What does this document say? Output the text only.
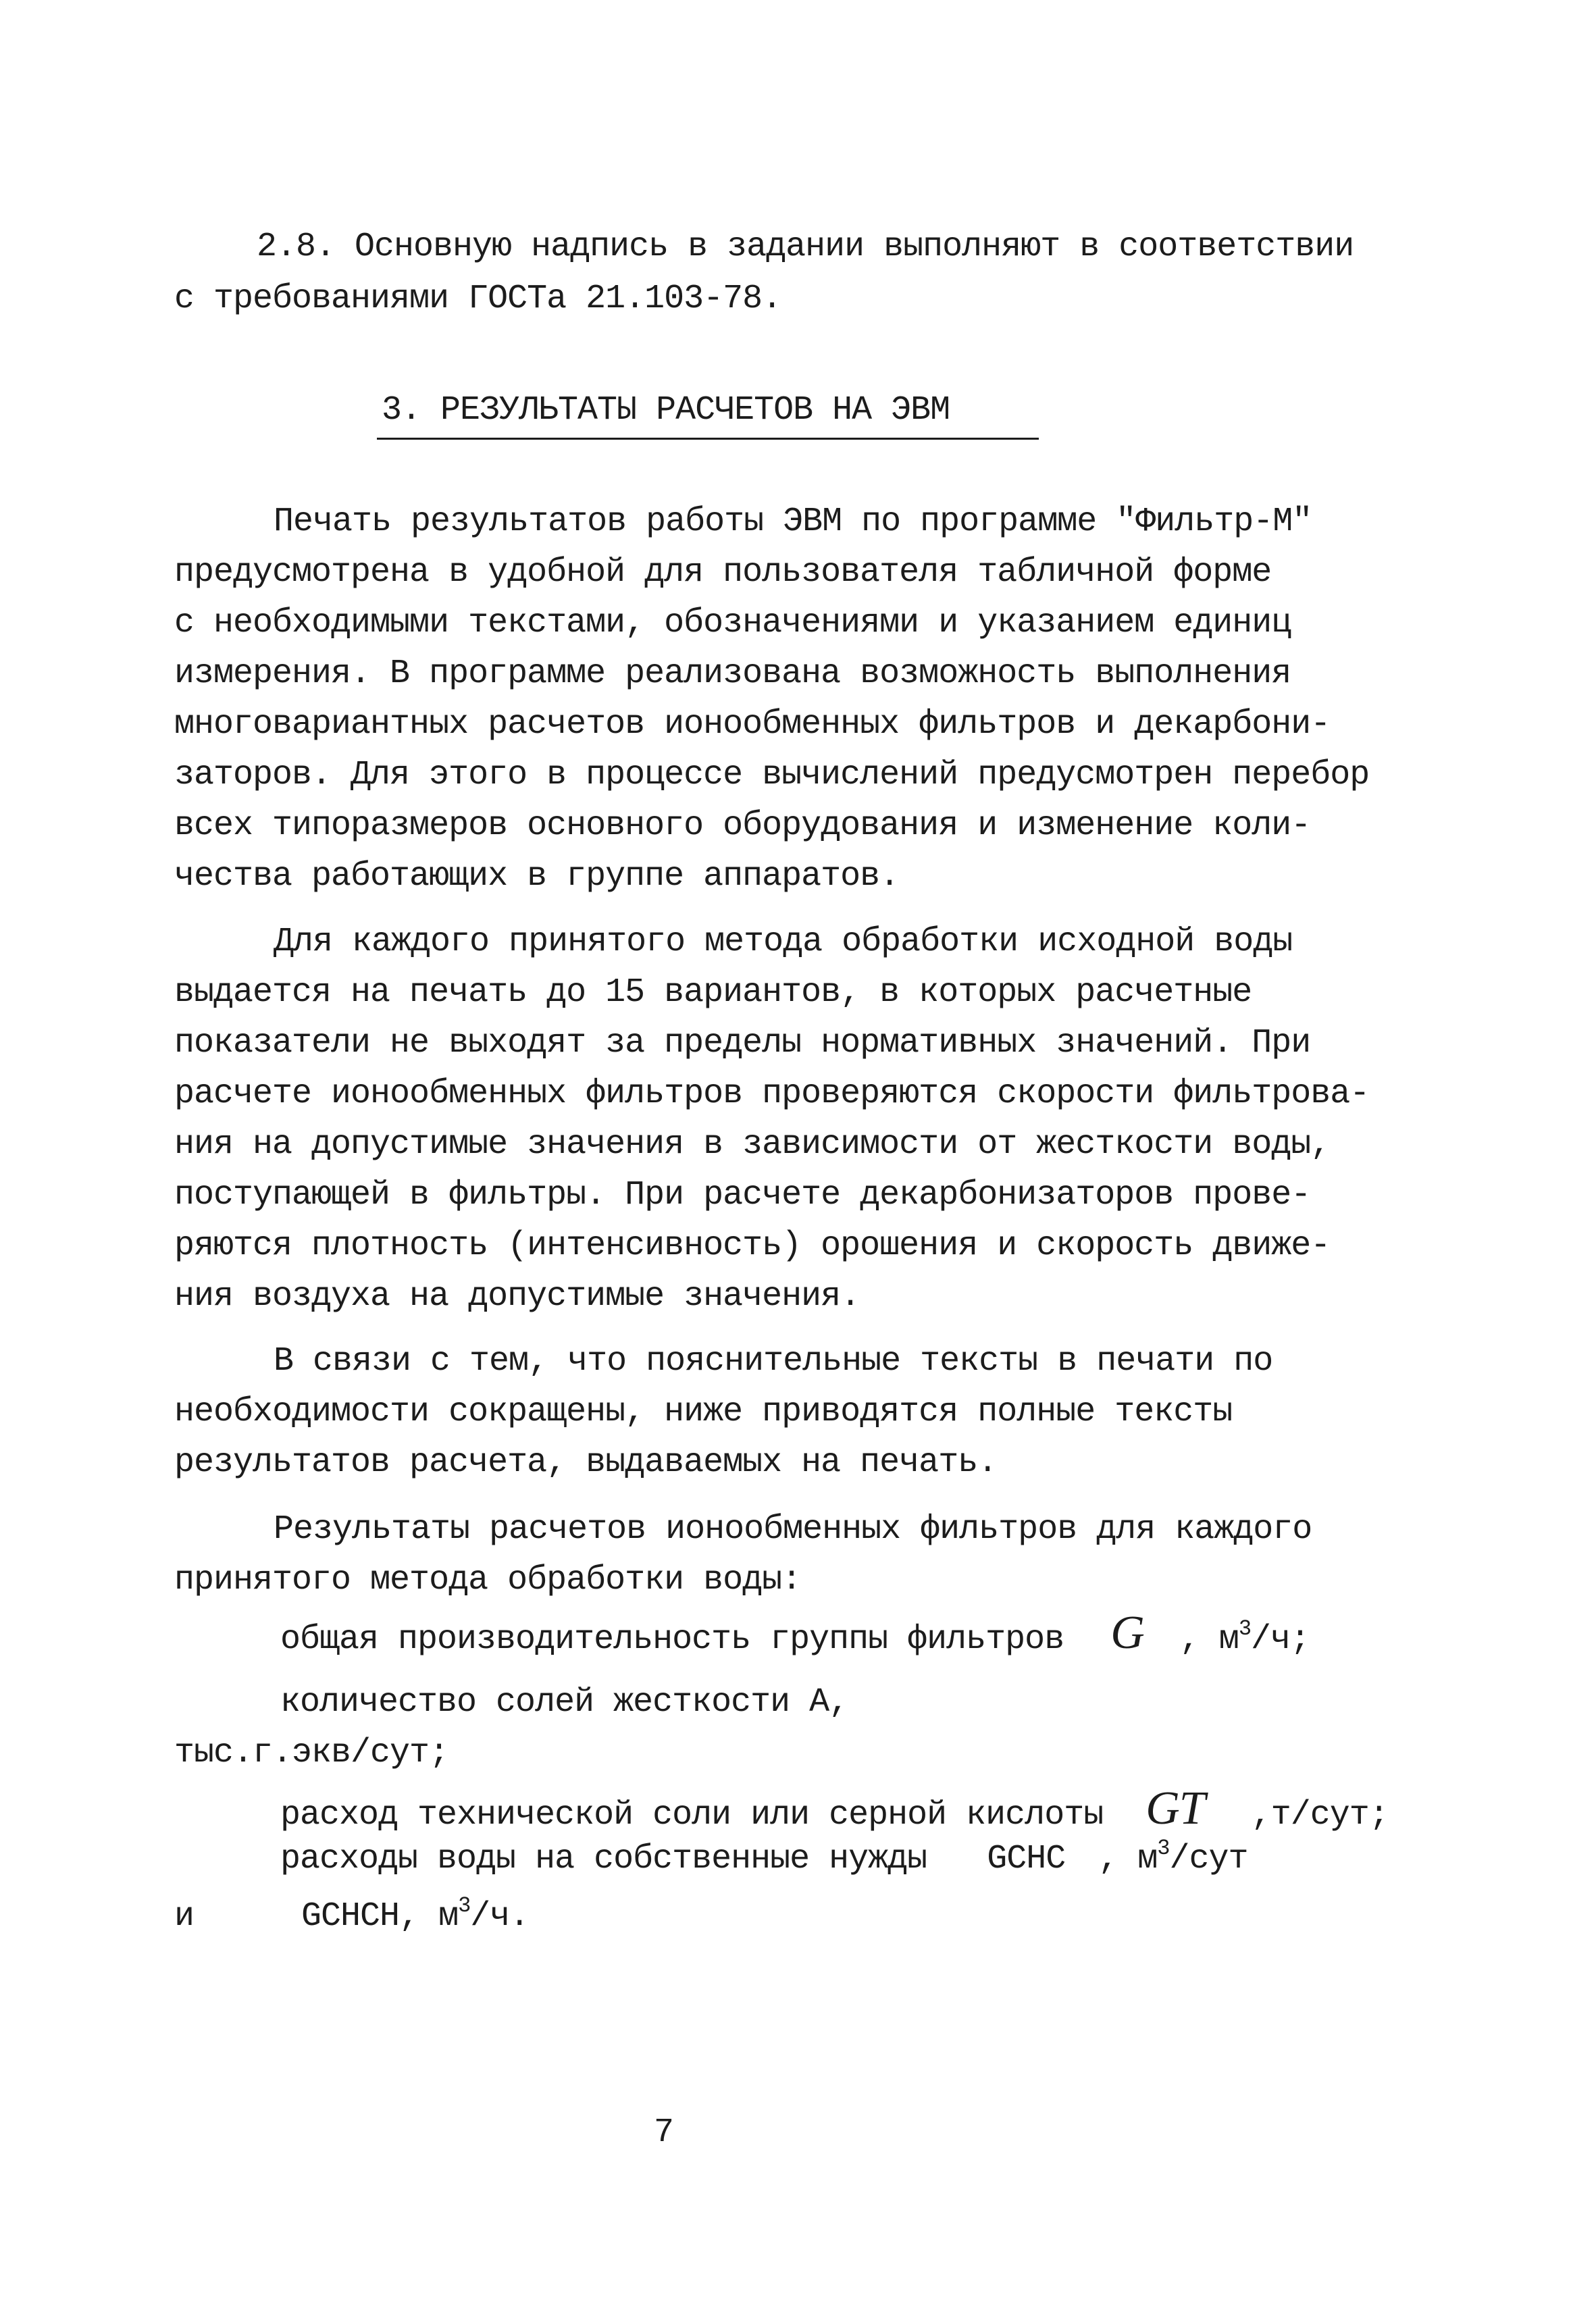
2.8. Основную надпись в задании выполняют в соответствии
с требованиями ГОСТа 21.103-78.
3. РЕЗУЛЬТАТЫ РАСЧЕТОВ НА ЭВМ
Печать результатов работы ЭВМ по программе "Фильтр-М"
предусмотрена в удобной для пользователя табличной форме
с необходимыми текстами, обозначениями и указанием единиц
измерения. В программе реализована возможность выполнения
многовариантных расчетов ионообменных фильтров и декарбони-
заторов. Для этого в процессе вычислений предусмотрен перебор
всех типоразмеров основного оборудования и изменение коли-
чества работающих в группе аппаратов.
Для каждого принятого метода обработки исходной воды
выдается на печать до 15 вариантов, в которых расчетные
показатели не выходят за пределы нормативных значений. При
расчете ионообменных фильтров проверяются скорости фильтрова-
ния на допустимые значения в зависимости от жесткости воды,
поступающей в фильтры. При расчете декарбонизаторов прове-
ряются плотность (интенсивность) орошения и скорость движе-
ния воздуха на допустимые значения.
В связи с тем, что пояснительные тексты в печати по
необходимости сокращены, ниже приводятся полные тексты
результатов расчета, выдаваемых на печать.
Результаты расчетов ионообменных фильтров для каждого
принятого метода обработки воды:
общая производительность группы фильтров G , $м^3/ч$;
количество солей жесткости А,
тыс.г.экв/сут;
расход технической соли или серной кислоты GT ,т/сут;
расходы воды на собственные нужды GCHC , $м^3$/сут
и	GCHCH, $м^3/ч$.
7
